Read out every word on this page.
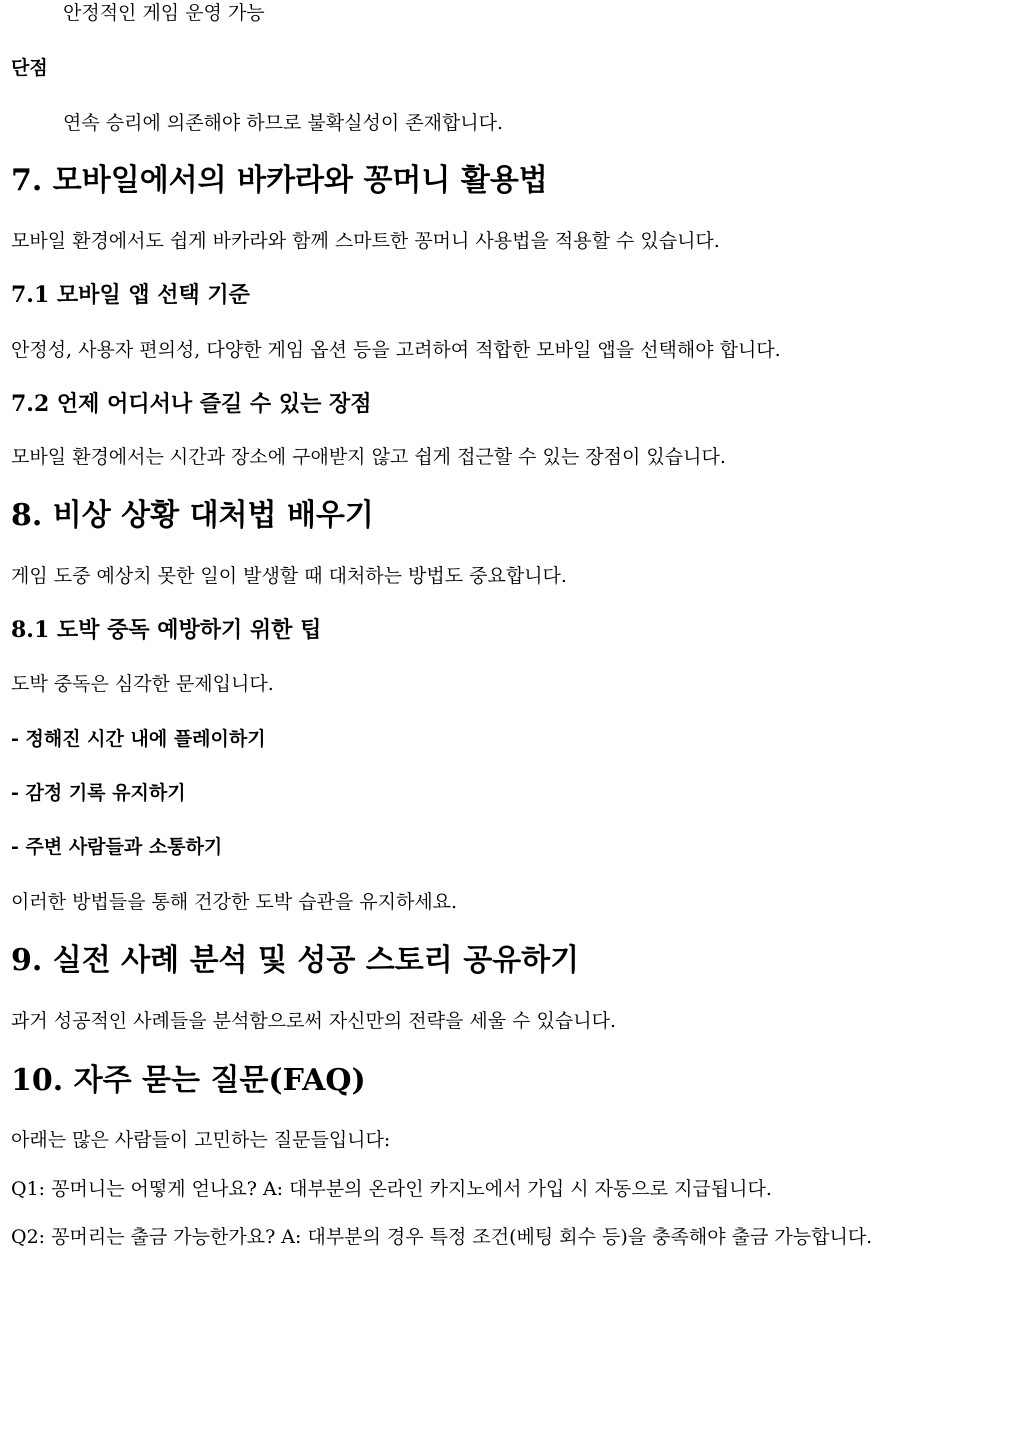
안정적인 게임 운영 가능
단점
연속 승리에 의존해야 하므로 불확실성이 존재합니다.
7. 모바일에서의 바카라와 꽁머니 활용법
모바일 환경에서도 쉽게 바카라와 함께 스마트한 꽁머니 사용법을 적용할 수 있습니다.
7.1 모바일 앱 선택 기준
안정성, 사용자 편의성, 다양한 게임 옵션 등을 고려하여 적합한 모바일 앱을 선택해야 합니다.
7.2 언제 어디서나 즐길 수 있는 장점
모바일 환경에서는 시간과 장소에 구애받지 않고 쉽게 접근할 수 있는 장점이 있습니다.
8. 비상 상황 대처법 배우기
게임 도중 예상치 못한 일이 발생할 때 대처하는 방법도 중요합니다.
8.1 도박 중독 예방하기 위한 팁
도박 중독은 심각한 문제입니다.
- 정해진 시간 내에 플레이하기
- 감정 기록 유지하기
- 주변 사람들과 소통하기
이러한 방법들을 통해 건강한 도박 습관을 유지하세요.
9. 실전 사례 분석 및 성공 스토리 공유하기
과거 성공적인 사례들을 분석함으로써 자신만의 전략을 세울 수 있습니다.
10. 자주 묻는 질문(FAQ)
아래는 많은 사람들이 고민하는 질문들입니다:
Q1: 꽁머니는 어떻게 얻나요? A: 대부분의 온라인 카지노에서 가입 시 자동으로 지급됩니다.
Q2: 꽁머리는 출금 가능한가요? A: 대부분의 경우 특정 조건(베팅 회수 등)을 충족해야 출금 가능합니다.
